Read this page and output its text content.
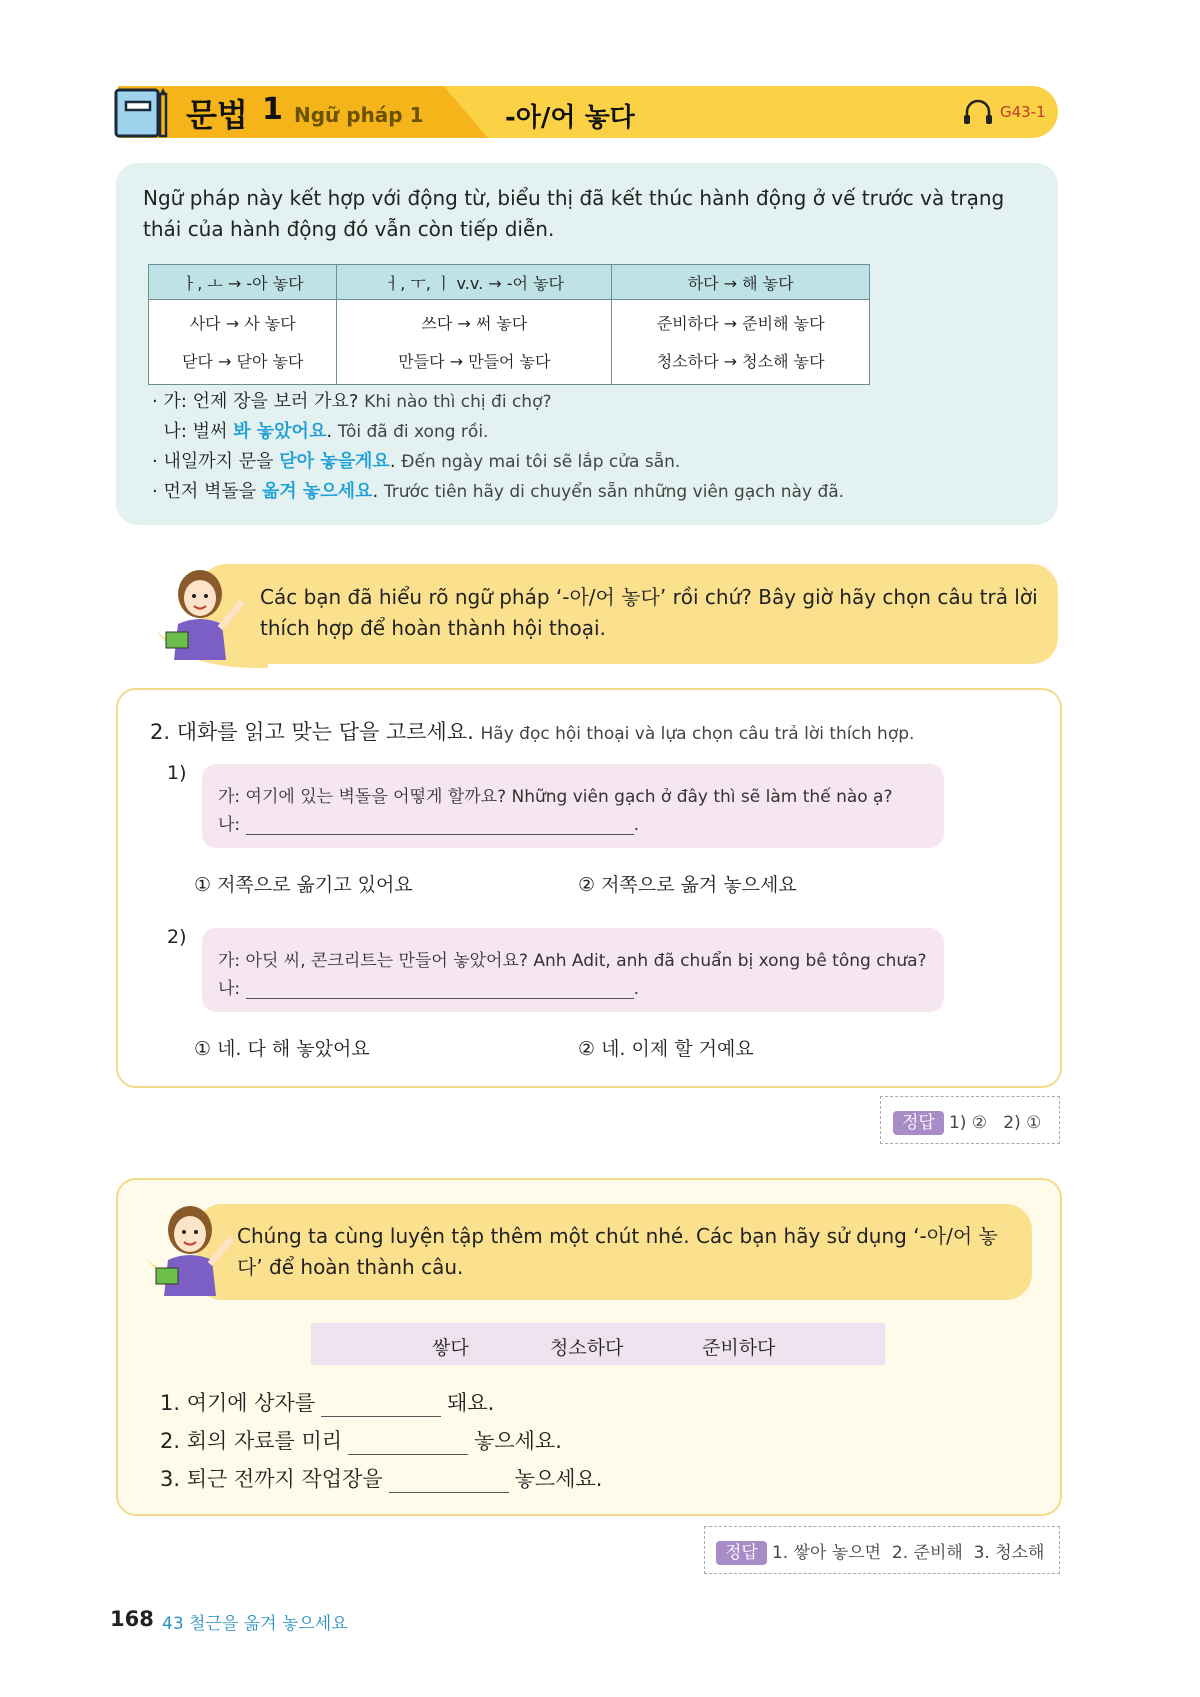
문법 1 Ngữ pháp 1	-아/어 놓다	G43-1
Ngữ pháp này kết hợp với động từ, biểu thị đã kết thúc hành động ở vế trước và trạng thái của hành động đó vẫn còn tiếp diễn.
ㅏ, ㅗ → -아 놓다	ㅓ, ㅜ, ㅣ v.v. → -어 놓다	하다 → 해 놓다
사다 → 사 놓다	쓰다 → 써 놓다	준비하다 → 준비해 놓다
닫다 → 닫아 놓다	만들다 → 만들어 놓다	청소하다 → 청소해 놓다
· 가: 언제 장을 보러 가요? Khi nào thì chị đi chợ?
나: 벌써 봐 놓았어요. Tôi đã đi xong rồi.
· 내일까지 문을 닫아 놓을게요. Đến ngày mai tôi sẽ lắp cửa sẵn.
· 먼저 벽돌을 옮겨 놓으세요. Trước tiên hãy di chuyển sẵn những viên gạch này đã.
Các bạn đã hiểu rõ ngữ pháp ‘-아/어 놓다’ rồi chứ? Bây giờ hãy chọn câu trả lời thích hợp để hoàn thành hội thoại.
2. 대화를 읽고 맞는 답을 고르세요. Hãy đọc hội thoại và lựa chọn câu trả lời thích hợp.
1)
가: 여기에 있는 벽돌을 어떻게 할까요? Những viên gạch ở đây thì sẽ làm thế nào ạ?
나:	.
① 저쪽으로 옮기고 있어요	② 저쪽으로 옮겨 놓으세요
2)
가: 아딧 씨, 콘크리트는 만들어 놓았어요? Anh Adit, anh đã chuẩn bị xong bê tông chưa?
나:	.
① 네. 다 해 놓았어요	② 네. 이제 할 거예요
정답 1) ②   2) ①
Chúng ta cùng luyện tập thêm một chút nhé. Các bạn hãy sử dụng ‘-아/어 놓다’ để hoàn thành câu.
쌓다	청소하다	준비하다
1. 여기에 상자를	돼요.
2. 회의 자료를 미리	놓으세요.
3. 퇴근 전까지 작업장을	놓으세요.
정답 1. 쌓아 놓으면  2. 준비해  3. 청소해
168 43 철근을 옮겨 놓으세요
